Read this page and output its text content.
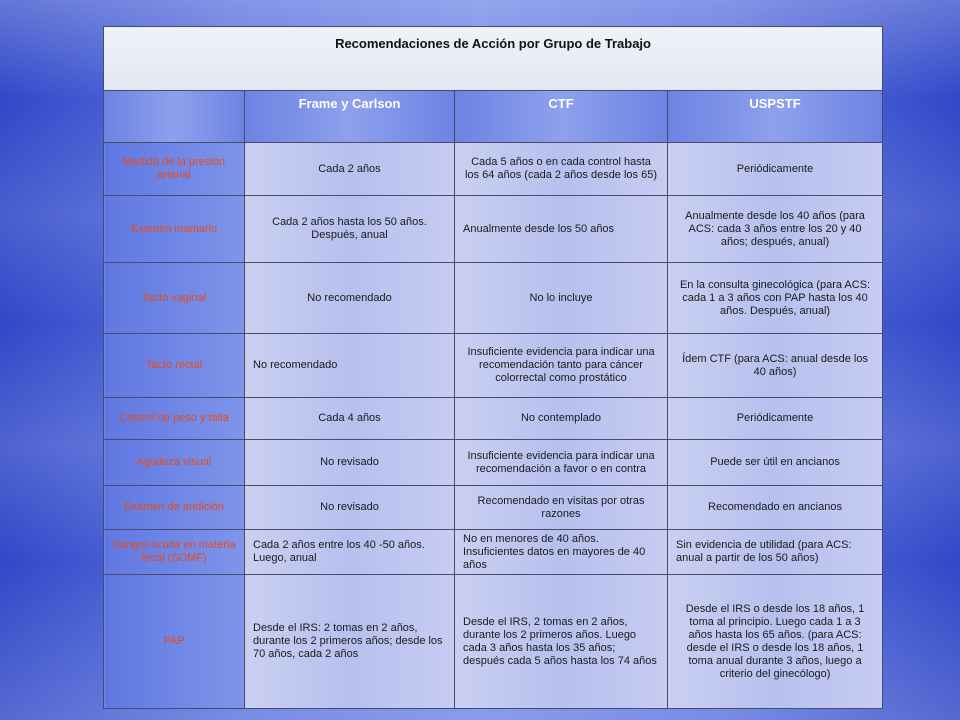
Recomendaciones de Acción por Grupo de Trabajo			
	Frame y Carlson	CTF	USPSTF
Medida de la presión arterial	Cada 2 años	Cada 5 años o en cada control hasta los 64 años (cada 2 años desde los 65)	Periódicamente
Examen mamario	Cada 2 años hasta los 50 años. Después, anual	Anualmente desde los 50 años	Anualmente desde los 40 años (para ACS: cada 3 años entre los 20 y 40 años; después, anual)
Tacto vaginal	No recomendado	No lo incluye	En la consulta ginecológica (para ACS: cada 1 a 3 años con PAP hasta los 40 años. Después, anual)
Tacto rectal	No recomendado	Insuficiente evidencia para indicar una recomendación tanto para cáncer colorrectal como prostático	Ídem CTF (para ACS: anual desde los 40 años)
Control de peso y talla	Cada 4 años	No contemplado	Periódicamente
Agudeza visual	No revisado	Insuficiente evidencia para indicar una recomendación a favor o en contra	Puede ser útil en ancianos
Examen de audición	No revisado	Recomendado en visitas por otras razones	Recomendado en ancianos
Sangre oculta en materia fecal (SOMF)	Cada 2 años entre los 40 -50 años. Luego, anual	No en menores de 40 años. Insuficientes datos en mayores de 40 años	Sin evidencia de utilidad (para ACS: anual a partir de los 50 años)
PAP	Desde el IRS: 2 tomas en 2 años, durante los 2 primeros años; desde los 70 años, cada 2 años	Desde el IRS, 2 tomas en 2 años, durante los 2 primeros años. Luego cada 3 años hasta los 35 años; después cada 5 años hasta los 74 años	Desde el IRS o desde los 18 años, 1 toma al principio. Luego cada 1 a 3 años hasta los 65 años. (para ACS: desde el IRS o desde los 18 años, 1 toma anual durante 3 años, luego a criterio del ginecólogo)
